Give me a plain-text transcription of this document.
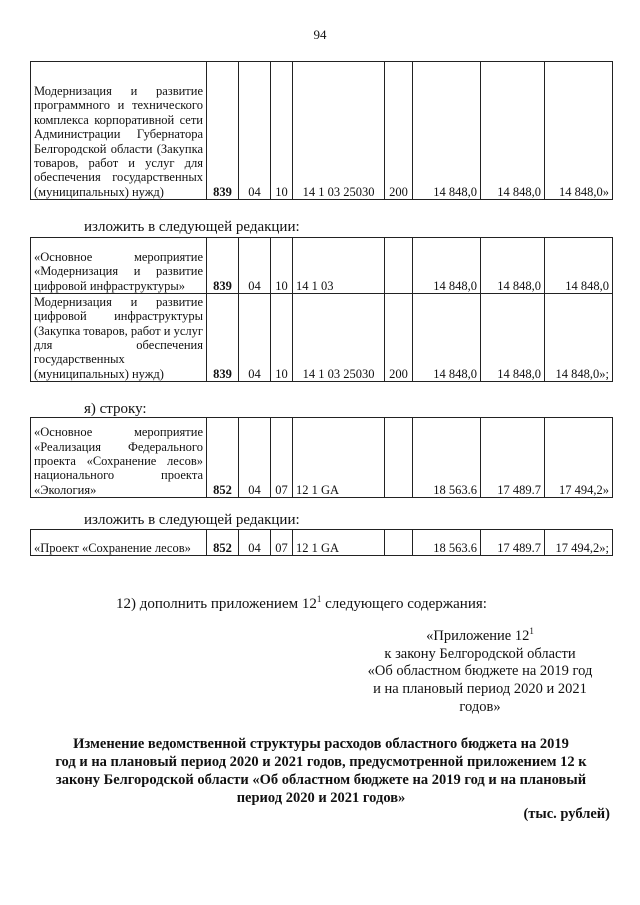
94
Модернизация и развитие программного и технического комплекса корпоративной сети Администрации Губернатора Белгородской области (Закупка товаров, работ и услуг для обеспечения государственных (муниципальных) нужд)	839	04	10	14 1 03 25030	200	14 848,0	14 848,0	14 848,0»
изложить в следующей редакции:
«Основное мероприятие «Модернизация и развитие цифровой инфраструктуры»	839	04	10	14 1 03		14 848,0	14 848,0	14 848,0
Модернизация и развитие цифровой инфраструктуры (Закупка товаров, работ и услуг для обеспечения государственных (муниципальных) нужд)	839	04	10	14 1 03 25030	200	14 848,0	14 848,0	14 848,0»;
я) строку:
«Основное мероприятие «Реализация Федерального проекта «Сохранение лесов» национального проекта «Экология»	852	04	07	12 1 GA		18 563.6	17 489.7	17 494,2»
изложить в следующей редакции:
«Проект «Сохранение лесов»	852	04	07	12 1 GA		18 563.6	17 489.7	17 494,2»;
12) дополнить приложением $12^1$ следующего содержания:
«Приложение $12^1$
к закону Белгородской области
«Об областном бюджете на 2019 год
и на плановый период 2020 и 2021
годов»
Изменение ведомственной структуры расходов областного бюджета на 2019
год и на плановый период 2020 и 2021 годов, предусмотренной приложением 12 к
закону Белгородской области «Об областном бюджете на 2019 год и на плановый
период 2020 и 2021 годов»
(тыс. рублей)
